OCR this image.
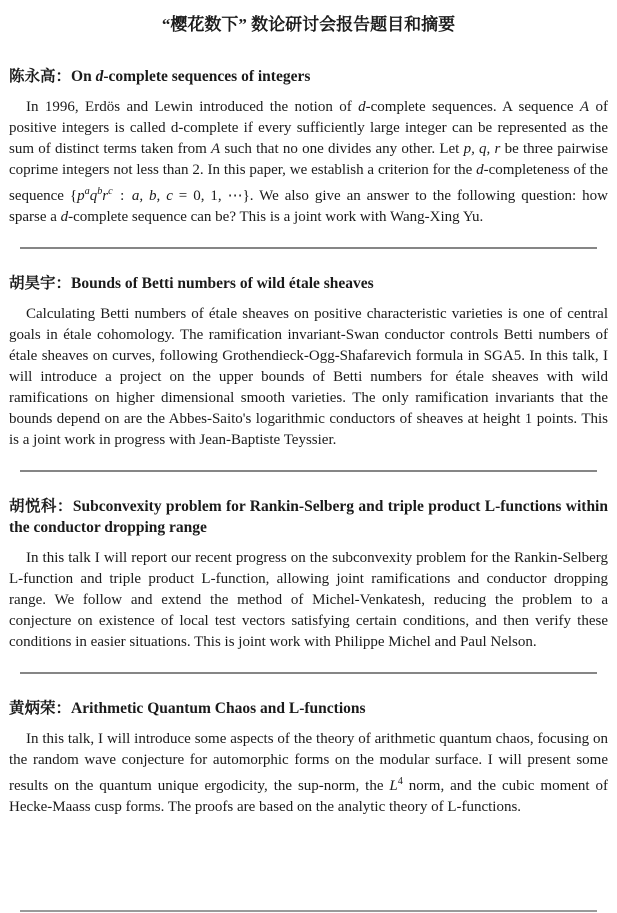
“樱花数下” 数论研讨会报告题目和摘要
陈永高：On d-complete sequences of integers

In 1996, Erdös and Lewin introduced the notion of d-complete sequences. A sequence A of positive integers is called d-complete if every sufficiently large integer can be represented as the sum of distinct terms taken from A such that no one divides any other. Let p, q, r be three pairwise coprime integers not less than 2. In this paper, we establish a criterion for the d-completeness of the sequence {$p^aq^br^c$ : a, b, c = 0, 1, ⋯}. We also give an answer to the following question: how sparse a d-complete sequence can be? This is a joint work with Wang-Xing Yu.

胡昊宇：Bounds of Betti numbers of wild étale sheaves

Calculating Betti numbers of étale sheaves on positive characteristic varieties is one of central goals in étale cohomology. The ramification invariant-Swan conductor controls Betti numbers of étale sheaves on curves, following Grothendieck-Ogg-Shafarevich formula in SGA5. In this talk, I will introduce a project on the upper bounds of Betti numbers for étale sheaves with wild ramifications on higher dimensional smooth varieties. The only ramification invariants that the bounds depend on are the Abbes-Saito's logarithmic conductors of sheaves at height 1 points. This is a joint work in progress with Jean-Baptiste Teyssier.

胡悦科：Subconvexity problem for Rankin-Selberg and triple product L-functions within the conductor dropping range

In this talk I will report our recent progress on the subconvexity problem for the Rankin-Selberg L-function and triple product L-function, allowing joint ramifications and conductor dropping range. We follow and extend the method of Michel-Venkatesh, reducing the problem to a conjecture on existence of local test vectors satisfying certain conditions, and then verify these conditions in easier situations. This is joint work with Philippe Michel and Paul Nelson.

黄炳荣：Arithmetic Quantum Chaos and L-functions

In this talk, I will introduce some aspects of the theory of arithmetic quantum chaos, focusing on the random wave conjecture for automorphic forms on the modular surface. I will present some results on the quantum unique ergodicity, the sup-norm, the $L^4$ norm, and the cubic moment of Hecke-Maass cusp forms. The proofs are based on the analytic theory of L-functions.
